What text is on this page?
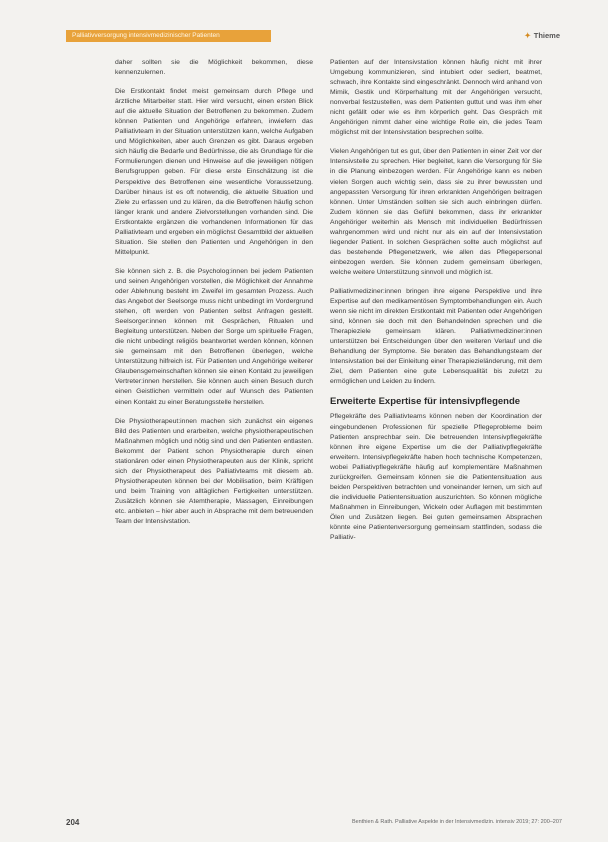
Palliativversorgung intensivmedizinischer Patienten	✦ Thieme

daher sollten sie die Möglichkeit bekommen, diese kennenzulernen.

Die Erstkontakt findet meist gemeinsam durch Pflege und ärztliche Mitarbeiter statt. Hier wird versucht, einen ersten Blick auf die aktuelle Situation der Betroffenen zu bekommen. Zudem können Patienten und Angehörige erfahren, inwiefern das Palliativteam in der Situation unterstützen kann, welche Aufgaben und Möglichkeiten, aber auch Grenzen es gibt. Daraus ergeben sich häufig die Bedarfe und Bedürfnisse, die als Grundlage für die Formulierungen dienen und Hinweise auf die jeweiligen nötigen Berufsgruppen geben. Für diese erste Einschätzung ist die Perspektive des Betroffenen eine wesentliche Voraussetzung. Darüber hinaus ist es oft notwendig, die aktuelle Situation und Ziele zu erfassen und zu klären, da die Betroffenen häufig schon länger krank und andere Zielvorstellungen vorhanden sind. Die Erstkontakte ergänzen die vorhandenen Informationen für das Palliativteam und ergeben ein möglichst Gesamtbild der aktuellen Situation. Sie stellen den Patienten und Angehörigen in den Mittelpunkt.

Sie können sich z. B. die Psycholog:innen bei jedem Patienten und seinen Angehörigen vorstellen, die Möglichkeit der Annahme oder Ablehnung besteht im Zweifel im gesamten Prozess. Auch das Angebot der Seelsorge muss nicht unbedingt im Vordergrund stehen, oft werden von Patienten selbst Anfragen gestellt. Seelsorger:innen können mit Gesprächen, Ritualen und Begleitung unterstützen. Neben der Sorge um spirituelle Fragen, die nicht unbedingt religiös beantwortet werden können, können sie gemeinsam mit den Betroffenen überlegen, welche Unterstützung hilfreich ist. Für Patienten und Angehörige weiterer Glaubensgemeinschaften können sie einen Kontakt zu jeweiligen Vertreter:innen herstellen. Sie können auch einen Besuch durch einen Geistlichen vermitteln oder auf Wunsch des Patienten einen Kontakt zu einer Beratungsstelle herstellen.

Die Physiotherapeut:innen machen sich zunächst ein eigenes Bild des Patienten und erarbeiten, welche physiotherapeutischen Maßnahmen möglich und nötig sind und den Patienten entlasten. Bekommt der Patient schon Physiotherapie durch einen stationären oder einen Physiotherapeuten aus der Klinik, spricht sich der Physiotherapeut des Palliativteams mit diesem ab. Physiotherapeuten können bei der Mobilisation, beim Kräftigen und beim Training von alltäglichen Fertigkeiten unterstützen. Zusätzlich können sie Atemtherapie, Massagen, Einreibungen etc. anbieten – hier aber auch in Absprache mit dem betreuenden Team der Intensivstation.

Patienten auf der Intensivstation können häufig nicht mit ihrer Umgebung kommunizieren, sind intubiert oder sediert, beatmet, schwach, ihre Kontakte sind eingeschränkt. Dennoch wird anhand von Mimik, Gestik und Körperhaltung mit der Angehörigen versucht, nonverbal festzustellen, was dem Patienten guttut und was ihm eher nicht gefällt oder wie es ihm körperlich geht. Das Gespräch mit Angehörigen nimmt daher eine wichtige Rolle ein, die jedes Team möglichst mit der Intensivstation besprechen sollte.

Vielen Angehörigen tut es gut, über den Patienten in einer Zeit vor der Intensivstelle zu sprechen. Hier begleitet, kann die Versorgung für Sie in die Planung einbezogen werden. Für Angehörige kann es neben vielen Sorgen auch wichtig sein, dass sie zu ihrer bewussten und angepassten Versorgung für ihren erkrankten Angehörigen beitragen können. Unter Umständen sollten sie sich auch einbringen dürfen. Zudem können sie das Gefühl bekommen, dass ihr erkrankter Angehöriger weiterhin als Mensch mit individuellen Bedürfnissen wahrgenommen wird und nicht nur als ein auf der Intensivstation liegender Patient. In solchen Gesprächen sollte auch möglichst auf das bestehende Pflegenetzwerk, wie allen das Pflegepersonal einbezogen werden. Sie können zudem gemeinsam überlegen, welche weitere Unterstützung sinnvoll und möglich ist.

Palliativmediziner:innen bringen ihre eigene Perspektive und ihre Expertise auf den medikamentösen Symptombehandlungen ein. Auch wenn sie nicht im direkten Erstkontakt mit Patienten oder Angehörigen sind, können sie doch mit den Behandelnden sprechen und die Therapieziele gemeinsam klären. Palliativmediziner:innen unterstützen bei Entscheidungen über den weiteren Verlauf und die Behandlung der Symptome. Sie beraten das Behandlungsteam der Intensivstation bei der Einleitung einer Therapiezieländerung, mit dem Ziel, dem Patienten eine gute Lebensqualität bis zuletzt zu ermöglichen und Leiden zu lindern.

Erweiterte Expertise für intensivpflegende

Pflegekräfte des Palliativteams können neben der Koordination der eingebundenen Professionen für spezielle Pflegeprobleme beim Patienten ansprechbar sein. Die betreuenden Intensivpflegekräfte können ihre eigene Expertise um die der Palliativpflegekräfte erweitern. Intensivpflegekräfte haben hoch technische Kompetenzen, wobei Palliativpflegekräfte häufig auf komplementäre Maßnahmen zurückgreifen. Gemeinsam können sie die Patientensituation aus beiden Perspektiven betrachten und voneinander lernen, um sich auf die individuelle Patientensituation auszurichten. So können mögliche Maßnahmen in Einreibungen, Wickeln oder Auflagen mit bestimmten Ölen und Zusätzen liegen. Bei guten gemeinsamen Absprachen könnte eine Patientenversorgung gemeinsam stattfinden, sodass die Palliativ-

204	Benthien & Rath. Palliative Aspekte in der Intensivmedizin. intensiv 2019; 27: 200–207
